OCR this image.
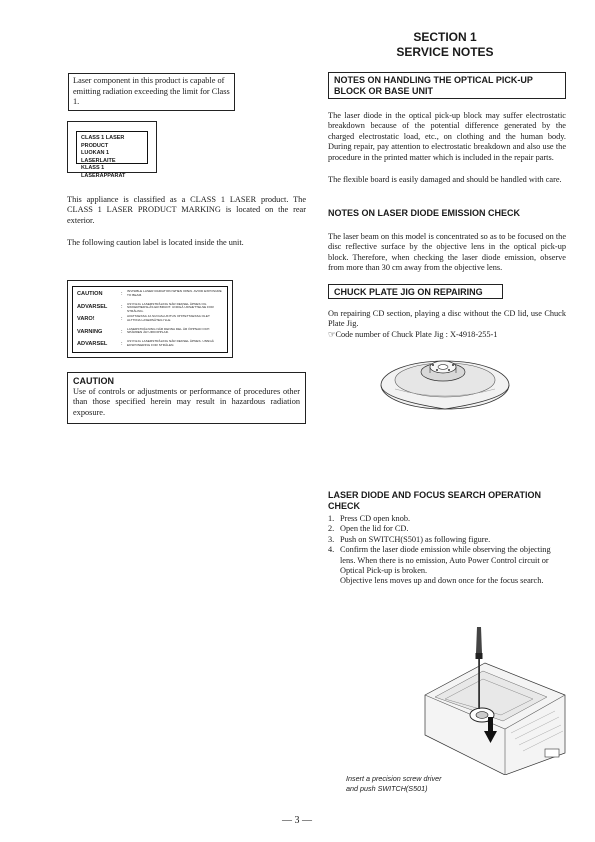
SECTION 1
SERVICE NOTES
Laser component in this product is capable of emitting radiation exceeding the limit for Class 1.
CLASS 1 LASER PRODUCT
LUOKAN 1 LASERLAITE
KLASS 1 LASERAPPARAT
This appliance is classified as a CLASS 1 LASER product. The CLASS 1 LASER PRODUCT MARKING is located on the rear exterior.
The following caution label is located inside the unit.
CAUTION	:	INVISIBLE LASER RADIATION WHEN OPEN. AVOID EXPOSURE TO BEAM.
ADVARSEL	:	USYNLIG LASERSTRÅLING NÅR DEKSEL ÅPNES OG SIKKERHEDSLÅS ER BRUDT. UNDGÅ UDSÆTTELSE FOR STRÅLING.
VARO!	:	AVATTAESSA JA SUOJALUKITUS OHITETTAESSA OLET ALTTIINA LASERSÄTEILYLLE.
VARNING	:	LASERSTRÅLNING NÄR DENNA DEL ÄR ÖPPNAD OCH SPÄRREN ÄR URKOPPLAD.
ADVARSEL	:	USYNLIG LASERSTRÅLING NÅR DEKSEL ÅPNES. UNNGÅ EKSPONERING FOR STRÅLEN.
CAUTION
Use of controls or adjustments or performance of procedures other than those specified herein may result in hazardous radiation exposure.
NOTES ON HANDLING THE OPTICAL PICK-UP BLOCK OR BASE UNIT
The laser diode in the optical pick-up block may suffer electrostatic breakdown because of the potential difference generated by the charged electrostatic load, etc., on clothing and the human body. During repair, pay attention to electrostatic breakdown and also use the procedure in the printed matter which is included in the repair parts.
The flexible board is easily damaged and should be handled with care.
NOTES ON LASER DIODE EMISSION CHECK
The laser beam on this model is concentrated so as to be focused on the disc reflective surface by the objective lens in the optical pick-up block. Therefore, when checking the laser diode emission, observe from more than 30 cm away from the objective lens.
CHUCK PLATE JIG ON REPAIRING
On repairing CD section, playing a disc without the CD lid, use Chuck Plate Jig.
☞Code number of Chuck Plate Jig : X-4918-255-1
LASER DIODE AND FOCUS SEARCH OPERATION CHECK
1. Press CD open knob.
2. Open the lid for CD.
3. Push on SWITCH(S501) as following figure.
4. Confirm the laser diode emission while observing the objecting lens. When there is no emission, Auto Power Control circuit or Optical Pick-up is broken.
Objective lens moves up and down once for the focus search.
Insert a precision screw driver
and push SWITCH(S501)
— 3 —
